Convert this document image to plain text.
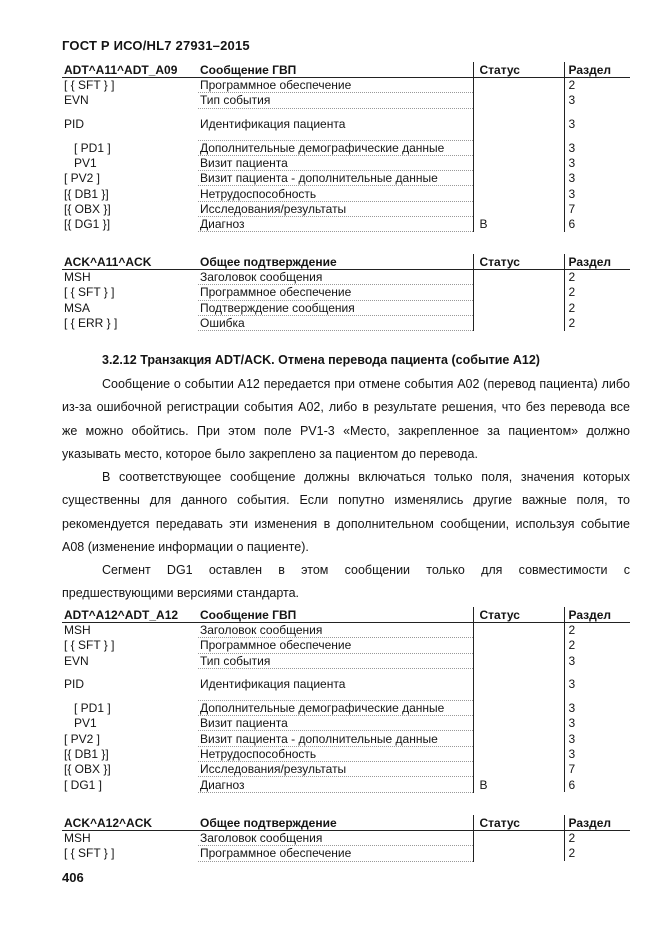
ГОСТ Р ИСО/HL7 27931–2015
ADT^A11^ADT_A09	Сообщение ГВП	Статус	Раздел
[ { SFT } ]	Программное обеспечение		2
EVN	Тип события		3
PID	Идентификация пациента		3
[ PD1 ]	Дополнительные демографические данные		3
PV1	Визит пациента		3
[ PV2 ]	Визит пациента - дополнительные данные		3
[{ DB1 }]	Нетрудоспособность		3
[{ OBX }]	Исследования/результаты		7
[{ DG1 }]	Диагноз	B	6
ACK^A11^ACK	Общее подтверждение	Статус	Раздел
MSH	Заголовок сообщения		2
[ { SFT } ]	Программное обеспечение		2
MSA	Подтверждение сообщения		2
[ { ERR } ]	Ошибка		2
3.2.12 Транзакция ADT/ACK. Отмена перевода пациента (событие A12)

Сообщение о событии A12 передается при отмене события A02 (перевод пациента) либо из-за ошибочной регистрации события A02, либо в результате решения, что без перевода все же можно обойтись. При этом поле PV1-3 «Место, закрепленное за пациентом» должно указывать место, которое было закреплено за пациентом до перевода.

В соответствующее сообщение должны включаться только поля, значения которых существенны для данного события. Если попутно изменялись другие важные поля, то рекомендуется передавать эти изменения в дополнительном сообщении, используя событие A08 (изменение информации о пациенте).

Сегмент DG1 оставлен в этом сообщении только для совместимости с предшествующими версиями стандарта.

ADT^A12^ADT_A12	Сообщение ГВП	Статус	Раздел
MSH	Заголовок сообщения		2
[ { SFT } ]	Программное обеспечение		2
EVN	Тип события		3
PID	Идентификация пациента		3
[ PD1 ]	Дополнительные демографические данные		3
PV1	Визит пациента		3
[ PV2 ]	Визит пациента - дополнительные данные		3
[{ DB1 }]	Нетрудоспособность		3
[{ OBX }]	Исследования/результаты		7
[ DG1 ]	Диагноз	B	6
ACK^A12^ACK	Общее подтверждение	Статус	Раздел
MSH	Заголовок сообщения		2
[ { SFT } ]	Программное обеспечение		2
406
